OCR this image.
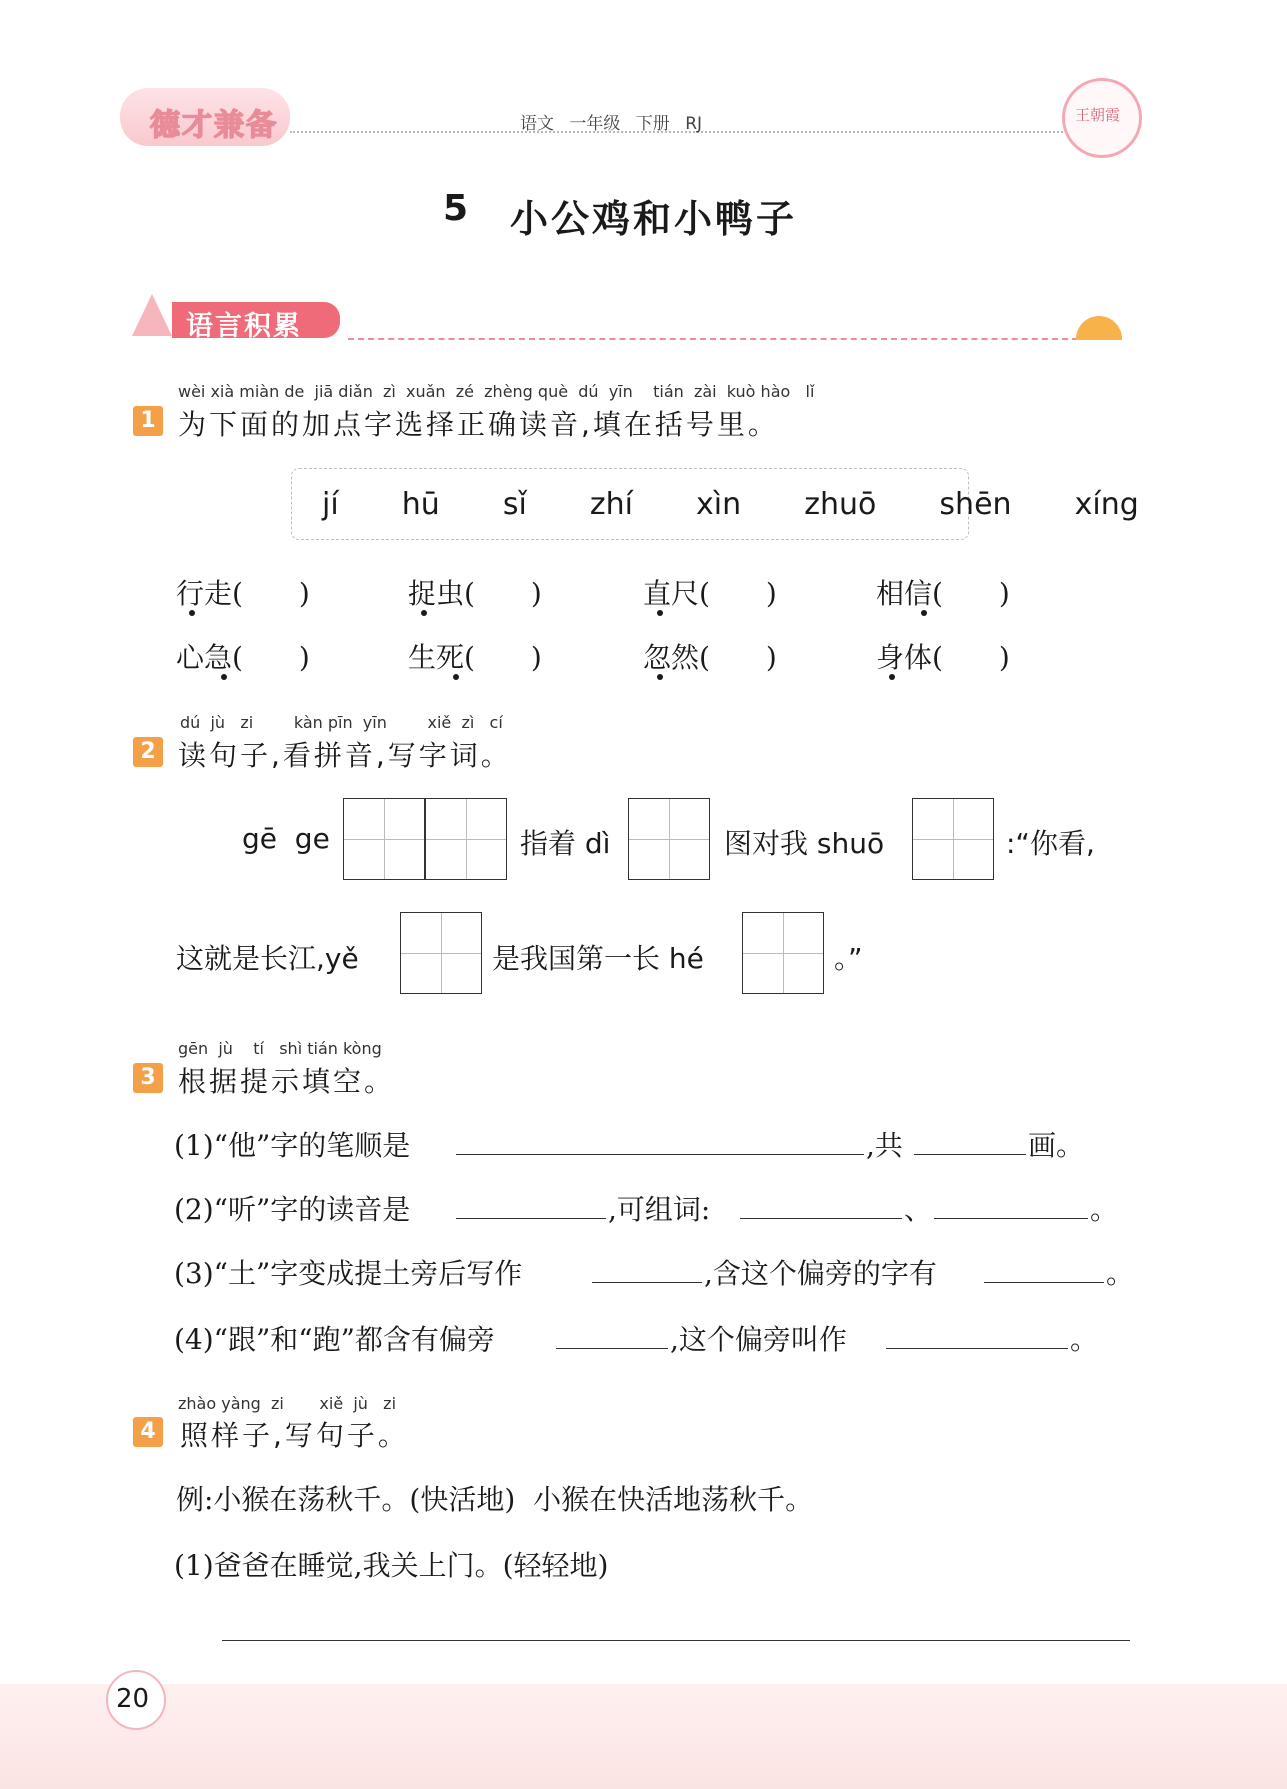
德才兼备	语文 一年级 下册 RJ	王朝霞
5 小公鸡和小鸭子
语言积累
wèi xià miàn de  jiā diǎn  zì  xuǎn  zé  zhèng què  dú  yīn    tián  zài  kuò hào   lǐ
1 为下面的加点字选择正确读音,填在括号里。
jí  hū  sǐ  zhí  xìn  zhuō  shēn  xíng
行走(　　)	捉虫(　　)	直尺(　　)	相信(　　)
心急(　　)	生死(　　)	忽然(　　)	身体(　　)
dú  jù   zi        kàn pīn  yīn        xiě  zì   cí
2 读句子,看拼音,写字词。
gē  ge	指着 dì	图对我 shuō	:“你看,
这就是长江,yě	是我国第一长 hé	。”
gēn  jù    tí   shì tián kòng
3 根据提示填空。
(1)“他”字的笔顺是	,共	画。
(2)“听”字的读音是	,可组词:	、	。
(3)“土”字变成提土旁后写作	,含这个偏旁的字有	。
(4)“跟”和“跑”都含有偏旁	,这个偏旁叫作	。
zhào yàng  zi       xiě  jù   zi
4 照样子,写句子。
例:小猴在荡秋千。(快活地)  小猴在快活地荡秋千。
(1)爸爸在睡觉,我关上门。(轻轻地)
20
